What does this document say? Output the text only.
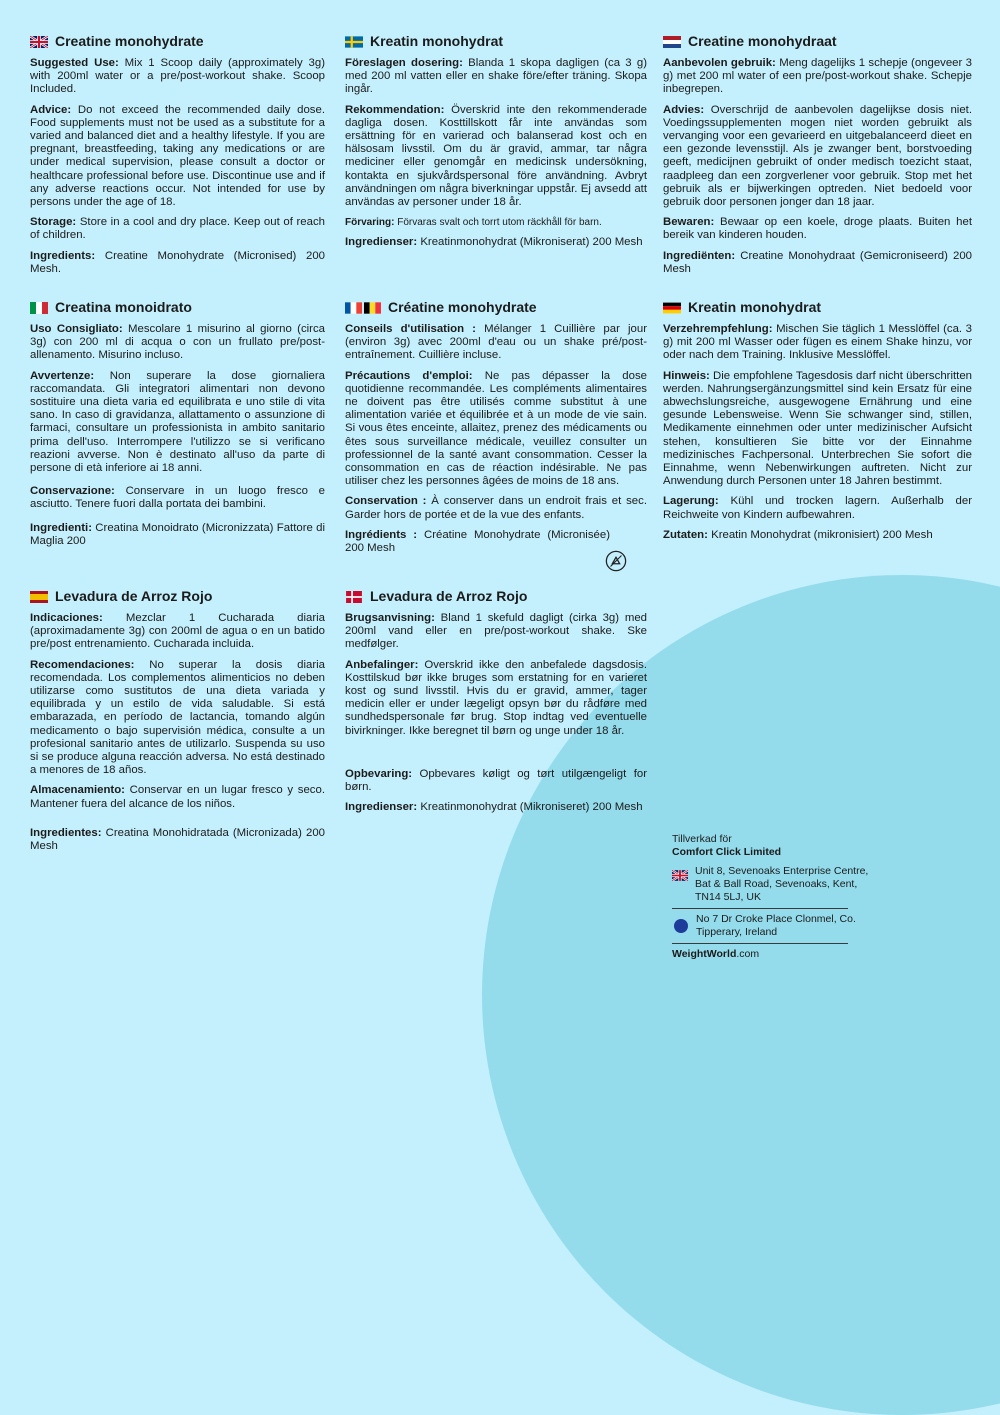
Creatine monohydrate

Suggested Use: Mix 1 Scoop daily (approximately 3g) with 200ml water or a pre/post-workout shake. Scoop Included.

Advice: Do not exceed the recommended daily dose. Food supplements must not be used as a substitute for a varied and balanced diet and a healthy lifestyle. If you are pregnant, breastfeeding, taking any medications or are under medical supervision, please consult a doctor or healthcare professional before use. Discontinue use and if any adverse reactions occur. Not intended for use by persons under the age of 18.

Storage: Store in a cool and dry place. Keep out of reach of children.

Ingredients: Creatine Monohydrate (Micronised) 200 Mesh.

Kreatin monohydrat

Föreslagen dosering: Blanda 1 skopa dagligen (ca 3 g) med 200 ml vatten eller en shake före/efter träning. Skopa ingår.

Rekommendation: Överskrid inte den rekommenderade dagliga dosen. Kosttillskott får inte användas som ersättning för en varierad och balanserad kost och en hälsosam livsstil. Om du är gravid, ammar, tar några mediciner eller genomgår en medicinsk undersökning, kontakta en sjukvårdspersonal före användning. Avbryt användningen om några biverkningar uppstår. Ej avsedd att användas av personer under 18 år.

Förvaring: Förvaras svalt och torrt utom räckhåll för barn.

Ingredienser: Kreatinmonohydrat (Mikroniserat) 200 Mesh

Creatine monohydraat

Aanbevolen gebruik: Meng dagelijks 1 schepje (ongeveer 3 g) met 200 ml water of een pre/post-workout shake. Schepje inbegrepen.

Advies: Overschrijd de aanbevolen dagelijkse dosis niet. Voedingssupplementen mogen niet worden gebruikt als vervanging voor een gevarieerd en uitgebalanceerd dieet en een gezonde levensstijl. Als je zwanger bent, borstvoeding geeft, medicijnen gebruikt of onder medisch toezicht staat, raadpleeg dan een zorgverlener voor gebruik. Stop met het gebruik als er bijwerkingen optreden. Niet bedoeld voor gebruik door personen jonger dan 18 jaar.

Bewaren: Bewaar op een koele, droge plaats. Buiten het bereik van kinderen houden.

Ingrediënten: Creatine Monohydraat (Gemicroniseerd) 200 Mesh

Creatina monoidrato

Uso Consigliato: Mescolare 1 misurino al giorno (circa 3g) con 200 ml di acqua o con un frullato pre/post-allenamento. Misurino incluso.

Avvertenze: Non superare la dose giornaliera raccomandata. Gli integratori alimentari non devono sostituire una dieta varia ed equilibrata e uno stile di vita sano. In caso di gravidanza, allattamento o assunzione di farmaci, consultare un professionista in ambito sanitario prima dell'uso. Interrompere l'utilizzo se si verificano reazioni avverse. Non è destinato all'uso da parte di persone di età inferiore ai 18 anni.

Conservazione: Conservare in un luogo fresco e asciutto. Tenere fuori dalla portata dei bambini.

Ingredienti: Creatina Monoidrato (Micronizzata) Fattore di Maglia 200

Créatine monohydrate

Conseils d'utilisation : Mélanger 1 Cuillière par jour (environ 3g) avec 200ml d'eau ou un shake pré/post-entraînement. Cuillière incluse.

Précautions d'emploi: Ne pas dépasser la dose quotidienne recommandée. Les compléments alimentaires ne doivent pas être utilisés comme substitut à une alimentation variée et équilibrée et à un mode de vie sain. Si vous êtes enceinte, allaitez, prenez des médicaments ou êtes sous surveillance médicale, veuillez consulter un professionnel de la santé avant consommation. Cesser la consommation en cas de réaction indésirable. Ne pas utiliser chez les personnes âgées de moins de 18 ans.

Conservation : À conserver dans un endroit frais et sec. Garder hors de portée et de la vue des enfants.

Ingrédients : Créatine Monohydrate (Micronisée) 200 Mesh

Kreatin monohydrat

Verzehrempfehlung: Mischen Sie täglich 1 Messlöffel (ca. 3 g) mit 200 ml Wasser oder fügen es einem Shake hinzu, vor oder nach dem Training. Inklusive Messlöffel.

Hinweis: Die empfohlene Tagesdosis darf nicht überschritten werden. Nahrungsergänzungsmittel sind kein Ersatz für eine abwechslungsreiche, ausgewogene Ernährung und eine gesunde Lebensweise. Wenn Sie schwanger sind, stillen, Medikamente einnehmen oder unter medizinischer Aufsicht stehen, konsultieren Sie bitte vor der Einnahme medizinisches Fachpersonal. Unterbrechen Sie sofort die Einnahme, wenn Nebenwirkungen auftreten. Nicht zur Anwendung durch Personen unter 18 Jahren bestimmt.

Lagerung: Kühl und trocken lagern. Außerhalb der Reichweite von Kindern aufbewahren.

Zutaten: Kreatin Monohydrat (mikronisiert) 200 Mesh

Levadura de Arroz Rojo

Indicaciones: Mezclar 1 Cucharada diaria (aproximadamente 3g) con 200ml de agua o en un batido pre/post entrenamiento. Cucharada incluida.

Recomendaciones: No superar la dosis diaria recomendada. Los complementos alimenticios no deben utilizarse como sustitutos de una dieta variada y equilibrada y un estilo de vida saludable. Si está embarazada, en período de lactancia, tomando algún medicamento o bajo supervisión médica, consulte a un profesional sanitario antes de utilizarlo. Suspenda su uso si se produce alguna reacción adversa. No está destinado a menores de 18 años.

Almacenamiento: Conservar en un lugar fresco y seco. Mantener fuera del alcance de los niños.

Ingredientes: Creatina Monohidratada (Micronizada) 200 Mesh

Levadura de Arroz Rojo

Brugsanvisning: Bland 1 skefuld dagligt (cirka 3g) med 200ml vand eller en pre/post-workout shake. Ske medfølger.

Anbefalinger: Overskrid ikke den anbefalede dagsdosis. Kosttilskud bør ikke bruges som erstatning for en varieret kost og sund livsstil. Hvis du er gravid, ammer, tager medicin eller er under lægeligt opsyn bør du rådføre med sundhedspersonale før brug. Stop indtag ved eventuelle bivirkninger. Ikke beregnet til børn og unge under 18 år.

Opbevaring: Opbevares køligt og tørt utilgængeligt for børn.

Ingredienser: Kreatinmonohydrat (Mikroniseret) 200 Mesh

Tillverkad för
Comfort Click Limited
Unit 8, Sevenoaks Enterprise Centre, Bat & Ball Road, Sevenoaks, Kent, TN14 5LJ, UK
No 7 Dr Croke Place Clonmel, Co. Tipperary, Ireland
WeightWorld.com
